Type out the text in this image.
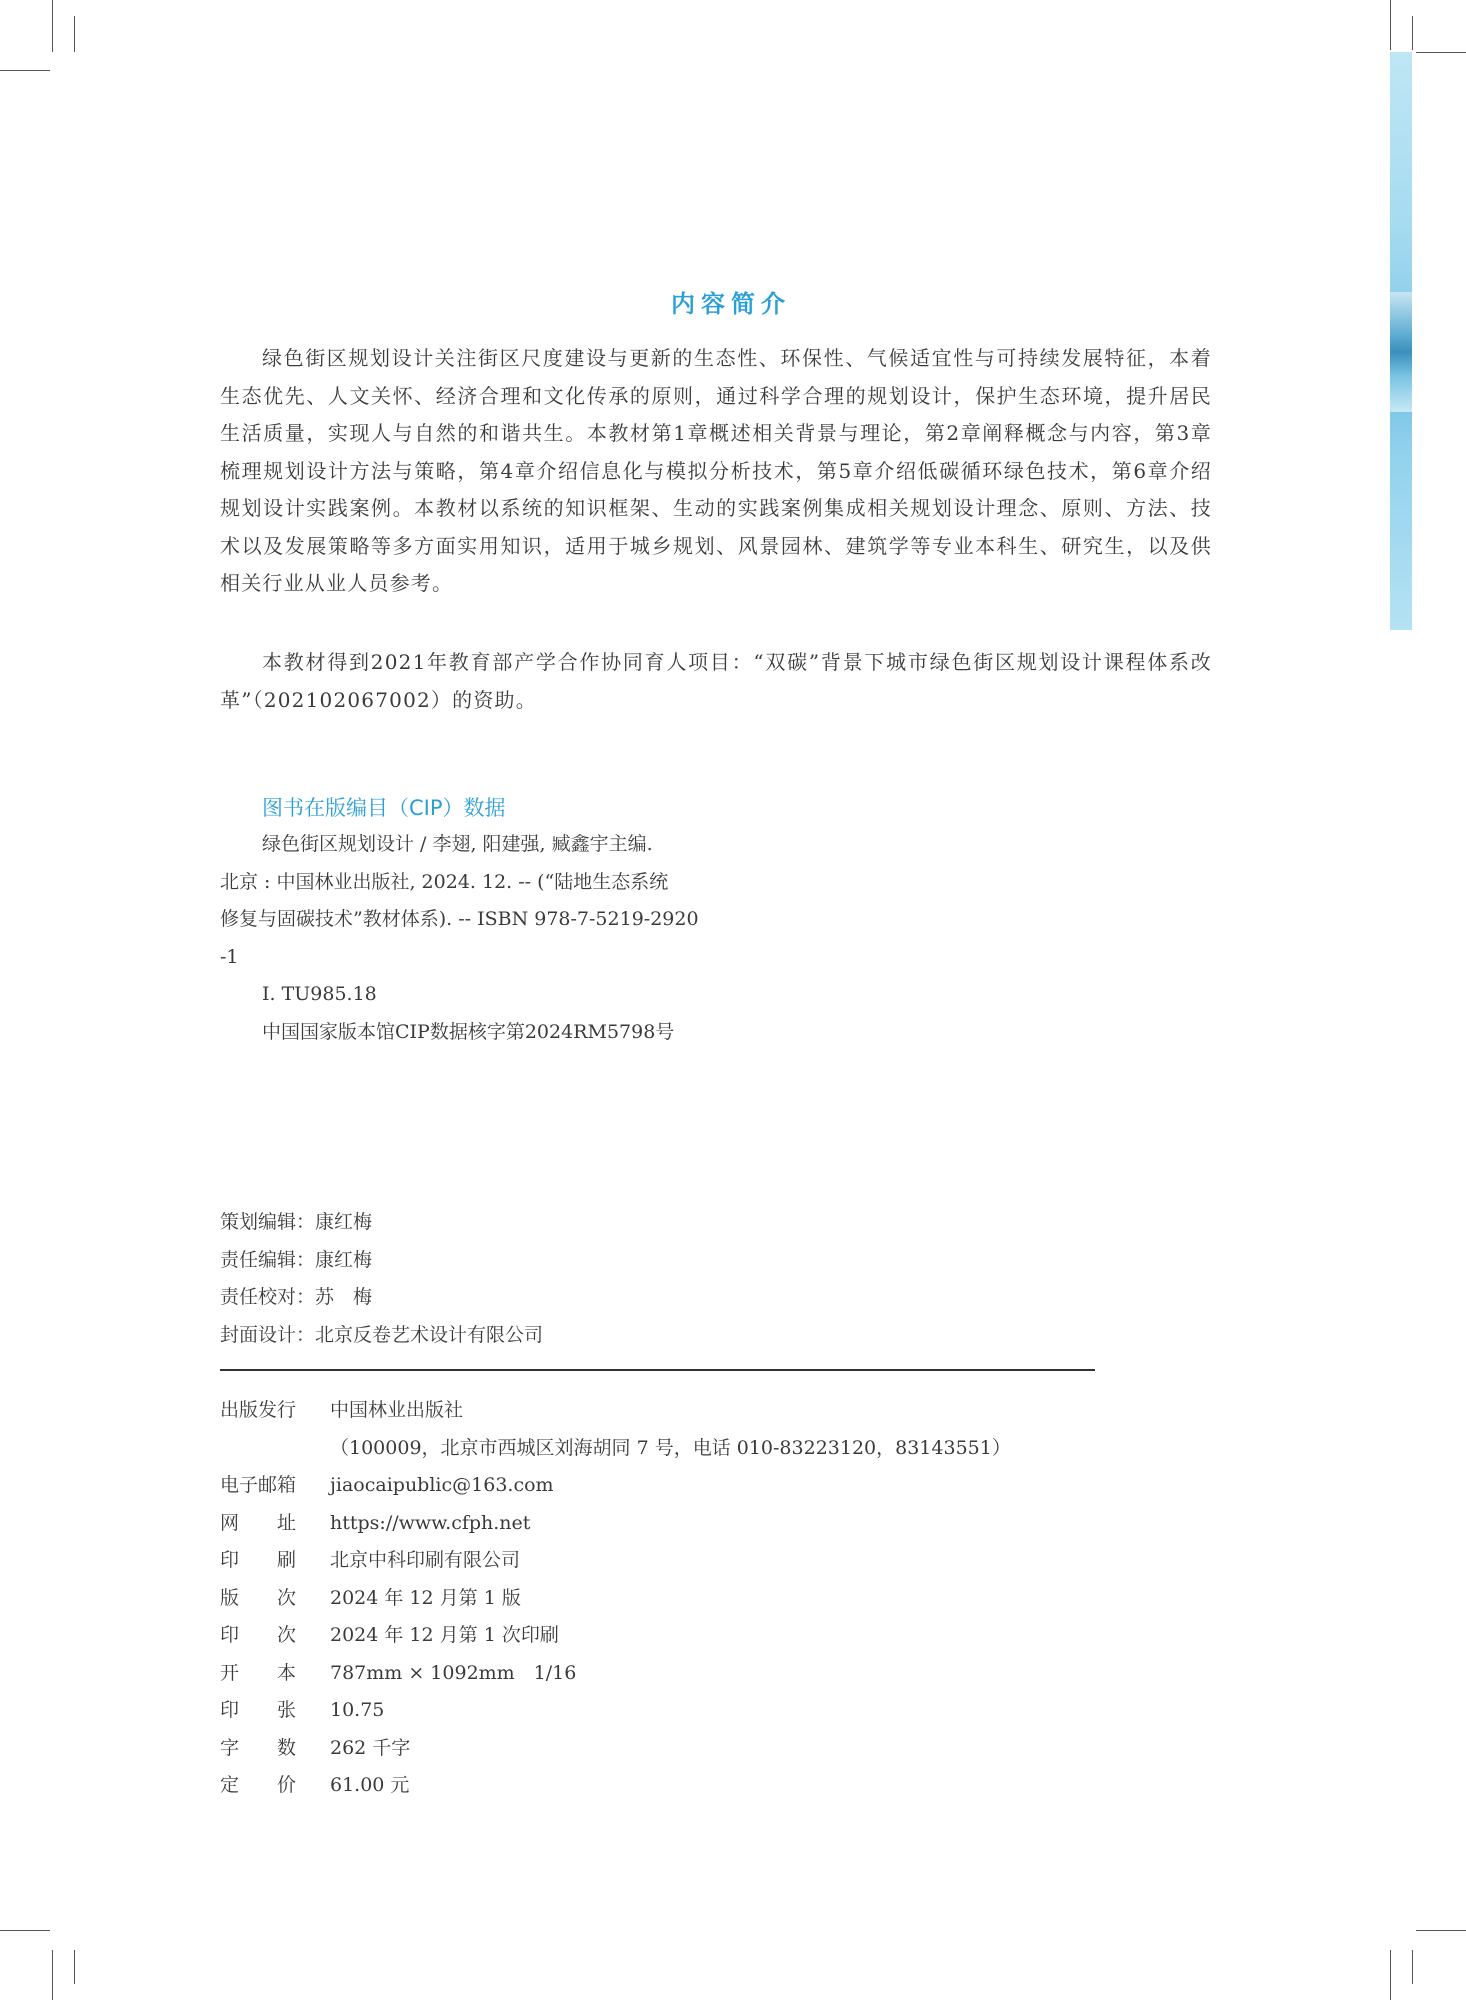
内容简介

绿色街区规划设计关注街区尺度建设与更新的生态性、环保性、气候适宜性与可持续发展特征，本着生态优先、人文关怀、经济合理和文化传承的原则，通过科学合理的规划设计，保护生态环境，提升居民生活质量，实现人与自然的和谐共生。本教材第1章概述相关背景与理论，第2章阐释概念与内容，第3章梳理规划设计方法与策略，第4章介绍信息化与模拟分析技术，第5章介绍低碳循环绿色技术，第6章介绍规划设计实践案例。本教材以系统的知识框架、生动的实践案例集成相关规划设计理念、原则、方法、技术以及发展策略等多方面实用知识，适用于城乡规划、风景园林、建筑学等专业本科生、研究生，以及供相关行业从业人员参考。

本教材得到2021年教育部产学合作协同育人项目：“双碳”背景下城市绿色街区规划设计课程体系改革”（202102067002）的资助。

图书在版编目（CIP）数据
绿色街区规划设计 / 李翅, 阳建强, 臧鑫宇主编.
北京 : 中国林业出版社, 2024. 12. -- (“陆地生态系统
修复与固碳技术”教材体系). -- ISBN 978-7-5219-2920
-1
Ⅰ. TU985.18
中国国家版本馆CIP数据核字第2024RM5798号
策划编辑：康红梅
责任编辑：康红梅
责任校对：苏　梅
封面设计：北京反卷艺术设计有限公司
出版发行	中国林业出版社
（100009，北京市西城区刘海胡同 7 号，电话 010-83223120，83143551）
电子邮箱	jiaocaipublic@163.com
网　　址	https://www.cfph.net
印　　刷	北京中科印刷有限公司
版　　次	2024 年 12 月第 1 版
印　　次	2024 年 12 月第 1 次印刷
开　　本	787mm × 1092mm　1/16
印　　张	10.75
字　　数	262 千字
定　　价	61.00 元
